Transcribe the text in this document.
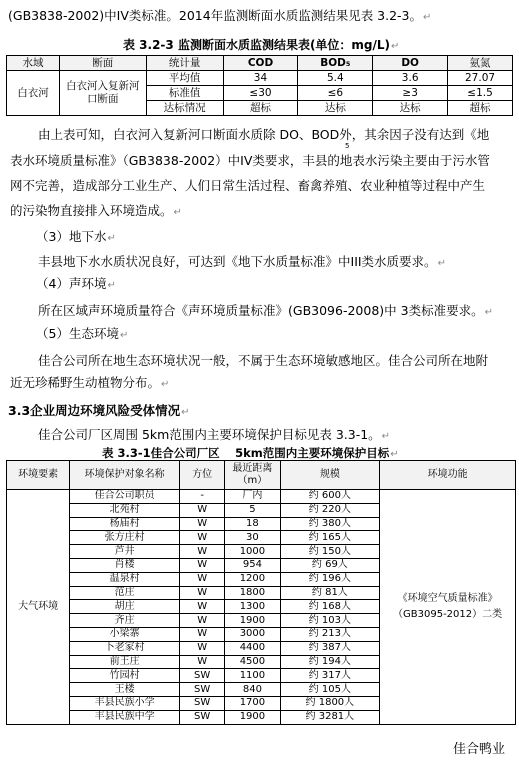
(GB3838-2002)中IV类标准。2014年监测断面水质监测结果见表 3.2-3。↵
表 3.2-3 监测断面水质监测结果表(单位：mg/L)↵
水域	断面	统计量	COD	BOD₅	DO	氨氮
白衣河	白衣河入复新河口断面	平均值	34	5.4	3.6	27.07
		标准值	≤30	≤6	≥3	≤1.5
		达标情况	超标	达标	达标	超标
由上表可知，白衣河入复新河口断面水质除 DO、BOD外，其余因子没有达到《地
5
表水环境质量标准》（GB3838-2002）中IV类要求，丰县的地表水污染主要由于污水管
网不完善，造成部分工业生产、人们日常生活过程、畜禽养殖、农业种植等过程中产生
的污染物直接排入环境造成。↵
（3）地下水↵
丰县地下水水质状况良好，可达到《地下水质量标准》中III类水质要求。↵
（4）声环境↵
所在区域声环境质量符合《声环境质量标准》(GB3096-2008)中 3类标准要求。↵
（5）生态环境↵
佳合公司所在地生态环境状况一般，不属于生态环境敏感地区。佳合公司所在地附
近无珍稀野生动植物分布。↵
3.3企业周边环境风险受体情况↵
佳合公司厂区周围 5km范围内主要环境保护目标见表 3.3-1。↵
表 3.3-1佳合公司厂区　 5km范围内主要环境保护目标↵
环境要素	环境保护对象名称	方位	最近距离（m）	规模	环境功能
大气环境	佳合公司职员	-	厂内	约 600人	《环境空气质量标准》（GB3095-2012）二类
	北苑村	W	5	约 220人	
	杨庙村	W	18	约 380人	
	张方庄村	W	30	约 165人	
	芦井	W	1000	约 150人	
	肖楼	W	954	约 69人	
	温泉村	W	1200	约 196人	
	范庄	W	1800	约 81人	
	胡庄	W	1300	约 168人	
	齐庄	W	1900	约 103人	
	小梁寨	W	3000	约 213人	
	卜老家村	W	4400	约 387人	
	前王庄	W	4500	约 194人	
	竹园村	SW	1100	约 317人	
	王楼	SW	840	约 105人	
	丰县民族小学	SW	1700	约 1800人	
	丰县民族中学	SW	1900	约 3281人	
佳合鸭业
